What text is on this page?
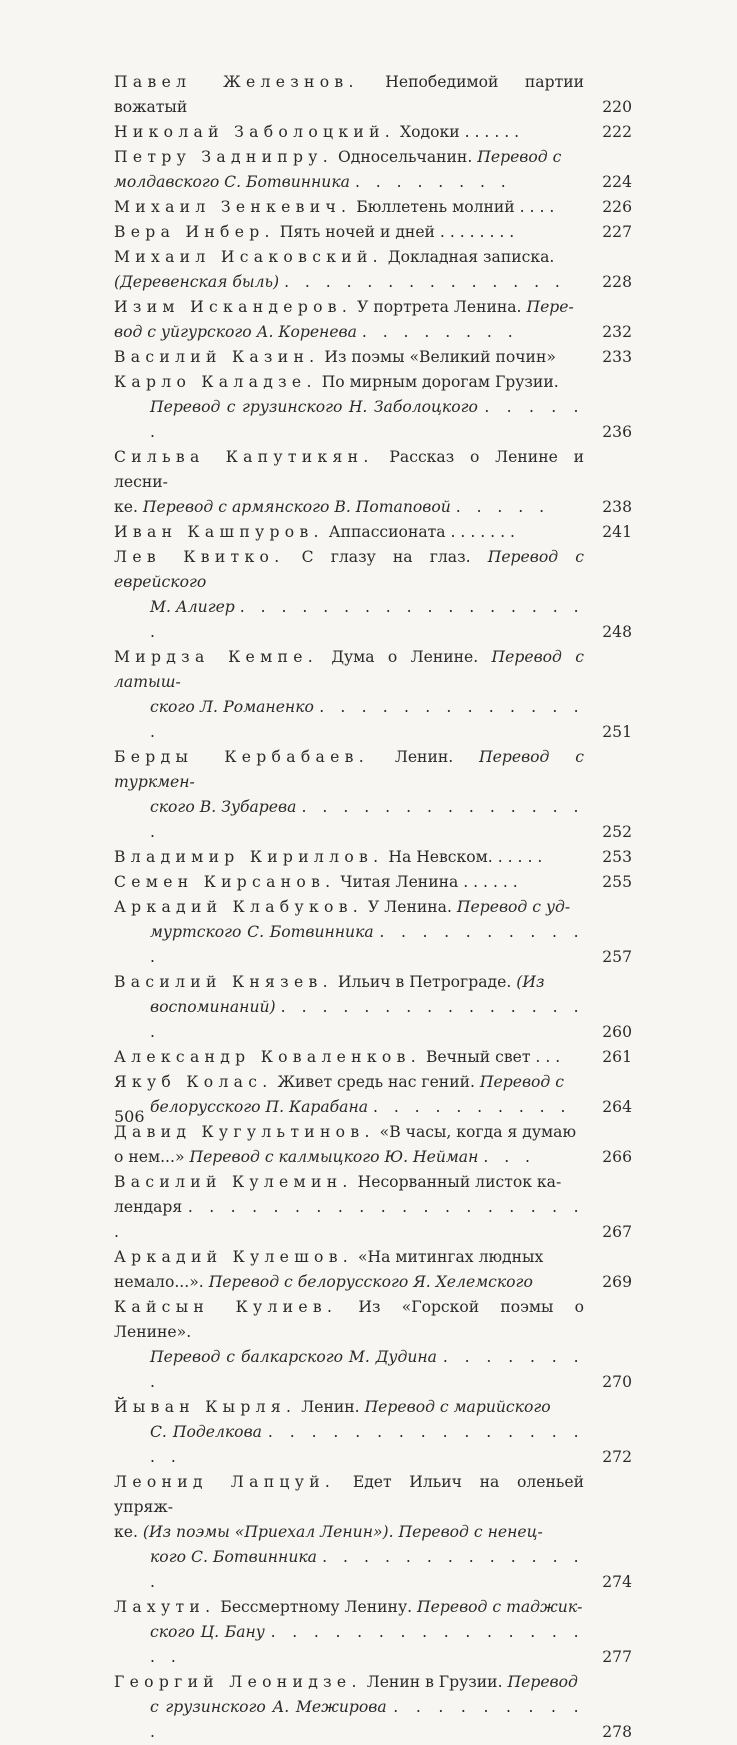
Павел Железнов. Непобедимой партии вожатый	220
Николай Заболоцкий. Ходоки . . . . . .	222
Петру Заднипру. Односельчанин. Перевод с
молдавского С. Ботвинника . . . . . . . .	224
Михаил Зенкевич. Бюллетень молний . . . .	226
Вера Инбер. Пять ночей и дней . . . . . . . .	227
Михаил Исаковский. Докладная записка.
(Деревенская быль) . . . . . . . . . . . . . .	228
Изим Искандеров. У портрета Ленина. Пере-
вод с уйгурского А. Коренева . . . . . . . .	232
Василий Казин. Из поэмы «Великий почин»	233
Карло Каладзе. По мирным дорогам Грузии.
Перевод с грузинского Н. Заболоцкого . . . . . .	236
Сильва Капутикян. Рассказ о Ленине и лесни-
ке. Перевод с армянского В. Потаповой . . . . .	238
Иван Кашпуров. Аппассионата . . . . . . .	241
Лев Квитко. С глазу на глаз. Перевод с еврейского
М. Алигер . . . . . . . . . . . . . . . . . .	248
Мирдза Кемпе. Дума о Ленине. Перевод с латыш-
ского Л. Романенко . . . . . . . . . . . . . .	251
Берды Кербабаев. Ленин. Перевод с туркмен-
ского В. Зубарева . . . . . . . . . . . . . . .	252
Владимир Кириллов. На Невском. . . . . .	253
Семен Кирсанов. Читая Ленина . . . . . .	255
Аркадий Клабуков. У Ленина. Перевод с уд-
муртского С. Ботвинника . . . . . . . . . . .	257
Василий Князев. Ильич в Петрограде. (Из
воспоминаний) . . . . . . . . . . . . . . . .	260
Александр Коваленков. Вечный свет . . .	261
Якуб Колас. Живет средь нас гений. Перевод с
белорусского П. Карабана . . . . . . . . . .	264
Давид Кугультинов. «В часы, когда я думаю
о нем...» Перевод с калмыцкого Ю. Нейман . . .	266
Василий Кулемин. Несорванный листок ка-
лендаря . . . . . . . . . . . . . . . . . . . .	267
Аркадий Кулешов. «На митингах людных
немало...». Перевод с белорусского Я. Хелемского	269
Кайсын Кулиев. Из «Горской поэмы о Ленине».
Перевод с балкарского М. Дудина . . . . . . . .	270
Йыван Кырля. Ленин. Перевод с марийского
С. Поделкова . . . . . . . . . . . . . . . . .	272
Леонид Лапцуй. Едет Ильич на оленьей упряж-
ке. (Из поэмы «Приехал Ленин»). Перевод с ненец-
кого С. Ботвинника . . . . . . . . . . . . . .	274
Лахути. Бессмертному Ленину. Перевод с таджик-
ского Ц. Бану . . . . . . . . . . . . . . . . .	277
Георгий Леонидзе. Ленин в Грузии. Перевод
с грузинского А. Межирова . . . . . . . . . .	278
506
